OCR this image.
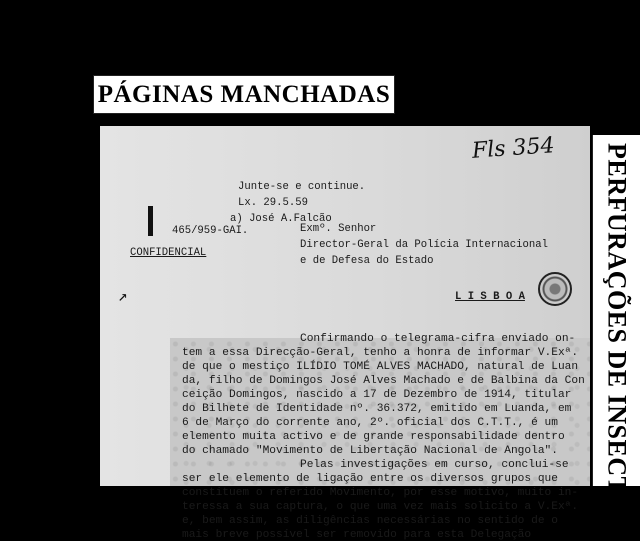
PÁGINAS MANCHADAS
Fls 354
Junte-se e continue.
Lx. 29.5.59
a) José A.Falcão
465/959-GAI.
CONFIDENCIAL
Exmº. Senhor
Director-Geral da Polícia Internacional
e de Defesa do Estado
L I S B O A
↗
Confirmando o telegrama-cifra enviado on-
tem a essa Direcção-Geral, tenho a honra de informar V.Exª.
de que o mestiço ILÍDIO TOMÉ ALVES MACHADO, natural de Luan
da, filho de Domingos José Alves Machado e de Balbina da Con
ceição Domingos, nascido a 17 de Dezembro de 1914, titular
do Bilhete de Identidade nº. 36.372, emitido em Luanda, em
6 de Março do corrente ano, 2º. oficial dos C.T.T., é um
elemento muita activo e de grande responsabilidade dentro
do chamado "Movimento de Libertação Nacional de Angola".
Pelas investigações em curso, conclui-se
ser ele elemento de ligação entre os diversos grupos que
constituem o referido Movimento, por esse motivo, muito in-
teressa a sua captura, o que uma vez mais solicito a V.Exª.
e, bem assim, as diligências necessárias no sentido de o
mais breve possível ser removido para esta Delegação
PERFURAÇÕES DE INSECTOS
